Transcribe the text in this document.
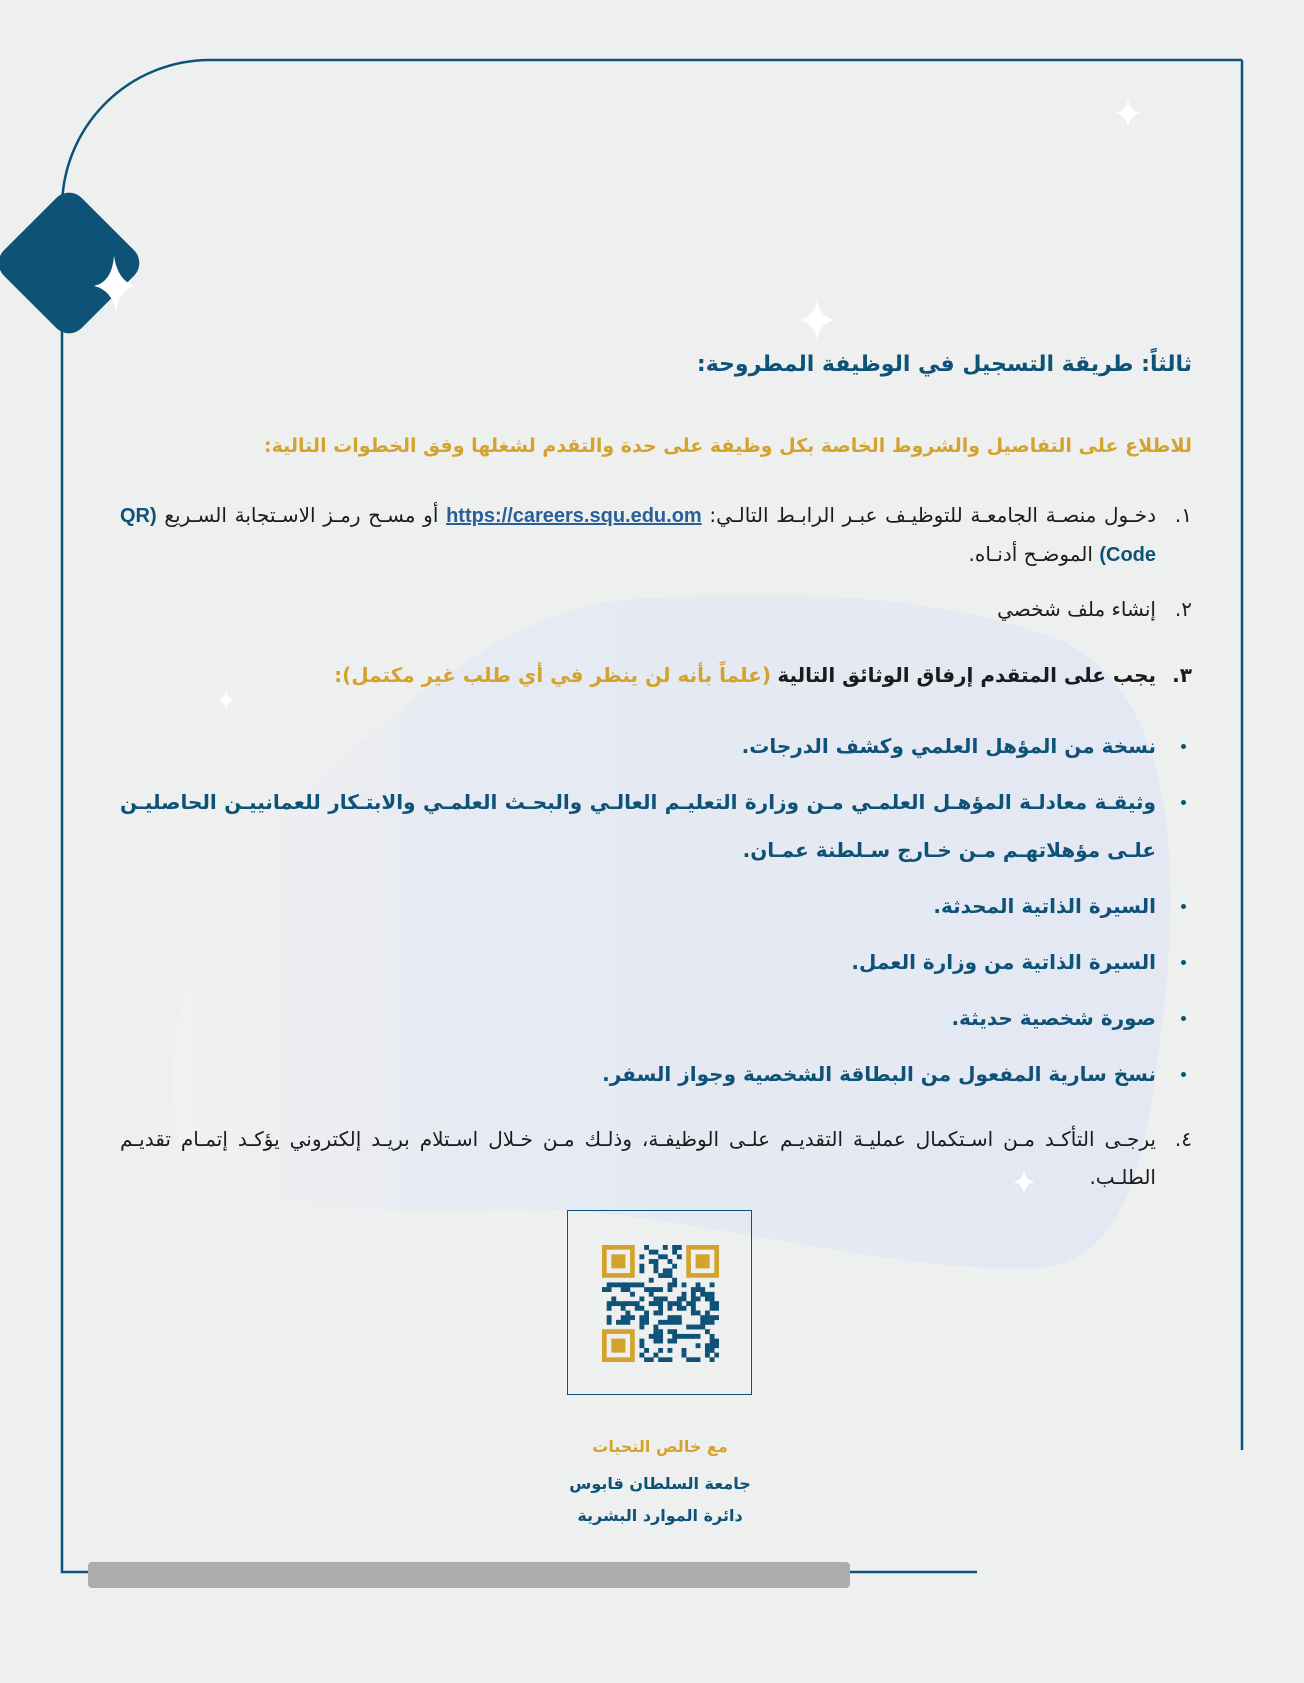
ثالثاً: طريقة التسجيل في الوظيفة المطروحة:
للاطلاع على التفاصيل والشروط الخاصة بكل وظيفة على حدة والتقدم لشغلها وفق الخطوات التالية:
١.
دخـول منصـة الجامعـة للتوظيـف عبـر الرابـط التالـي: https://careers.squ.edu.om أو مسـح رمـز الاسـتجابة السـريع (QR Code) الموضـح أدنـاه.
٢.
إنشاء ملف شخصي
٣.
يجب على المتقدم إرفاق الوثائق التالية (علماً بأنه لن ينظر في أي طلب غير مكتمل):
نسخة من المؤهل العلمي وكشف الدرجات.
وثيقـة معادلـة المؤهـل العلمـي مـن وزارة التعليـم العالـي والبحـث العلمـي والابتـكار للعمانييـن الحاصليـن علـى مؤهلاتهـم مـن خـارج سـلطنة عمـان.
السيرة الذاتية المحدثة.
السيرة الذاتية من وزارة العمل.
صورة شخصية حديثة.
نسخ سارية المفعول من البطاقة الشخصية وجواز السفر.
٤.
يرجـى التأكـد مـن اسـتكمال عمليـة التقديـم علـى الوظيفـة، وذلـك مـن خـلال اسـتلام بريـد إلكتروني يؤكـد إتمـام تقديـم الطلـب.
مع خالص التحيات
جامعة السلطان قابوس
دائرة الموارد البشرية
